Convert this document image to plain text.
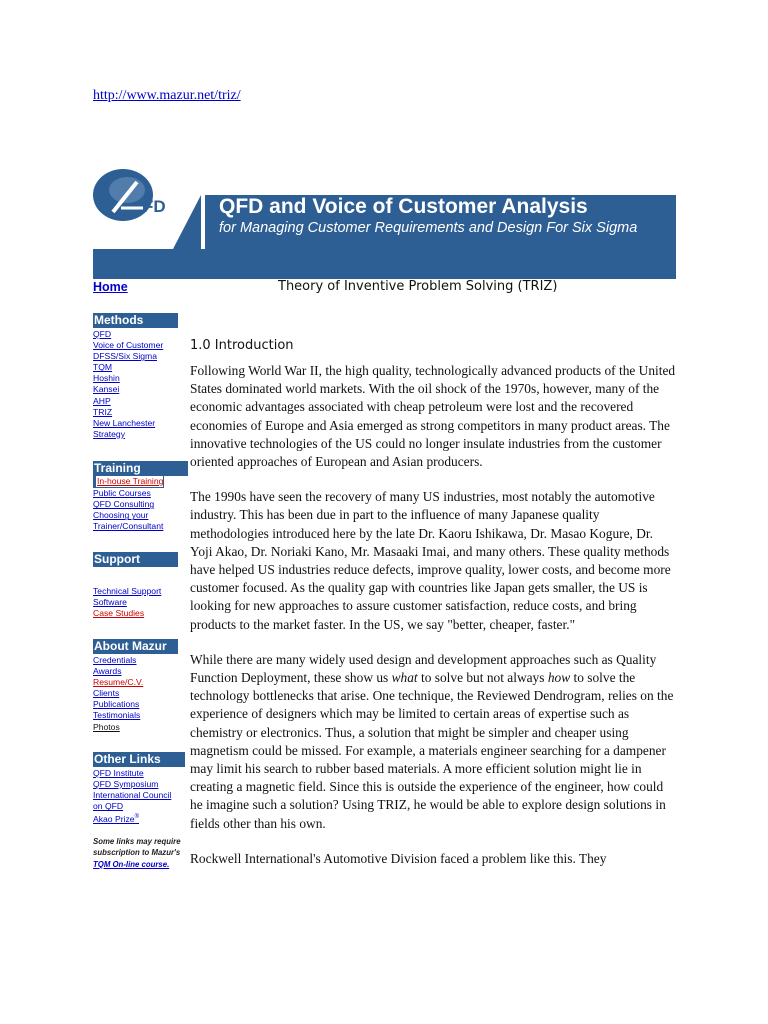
http://www.mazur.net/triz/
FD	QFD and Voice of Customer Analysis
for Managing Customer Requirements and Design For Six Sigma
Home	Theory of Inventive Problem Solving (TRIZ)
Methods
QFD
Voice of Customer
DFSS/Six Sigma
TQM
Hoshin
Kansei
AHP
TRIZ
New Lanchester
Strategy
Training
In-house Training
Public Courses
QFD Consulting
Choosing your
Trainer/Consultant
Support
Technical Support
Software
Case Studies
About Mazur
Credentials
Awards
Resume/C.V.
Clients
Publications
Testimonials
Photos
Other Links
QFD Institute
QFD Symposium
International Council
on QFD
Akao Prize®
Some links may require subscription to Mazur's TQM On-line course.
1.0 Introduction

Following World War II, the high quality, technologically advanced products of the United States dominated world markets. With the oil shock of the 1970s, however, many of the economic advantages associated with cheap petroleum were lost and the recovered economies of Europe and Asia emerged as strong competitors in many product areas. The innovative technologies of the US could no longer insulate industries from the customer oriented approaches of European and Asian producers.

The 1990s have seen the recovery of many US industries, most notably the automotive industry. This has been due in part to the influence of many Japanese quality methodologies introduced here by the late Dr. Kaoru Ishikawa, Dr. Masao Kogure, Dr. Yoji Akao, Dr. Noriaki Kano, Mr. Masaaki Imai, and many others. These quality methods have helped US industries reduce defects, improve quality, lower costs, and become more customer focused. As the quality gap with countries like Japan gets smaller, the US is looking for new approaches to assure customer satisfaction, reduce costs, and bring products to the market faster. In the US, we say "better, cheaper, faster."

While there are many widely used design and development approaches such as Quality Function Deployment, these show us what to solve but not always how to solve the technology bottlenecks that arise. One technique, the Reviewed Dendrogram, relies on the experience of designers which may be limited to certain areas of expertise such as chemistry or electronics. Thus, a solution that might be simpler and cheaper using magnetism could be missed. For example, a materials engineer searching for a dampener may limit his search to rubber based materials. A more efficient solution might lie in creating a magnetic field. Since this is outside the experience of the engineer, how could he imagine such a solution? Using TRIZ, he would be able to explore design solutions in fields other than his own.

Rockwell International's Automotive Division faced a problem like this. They
